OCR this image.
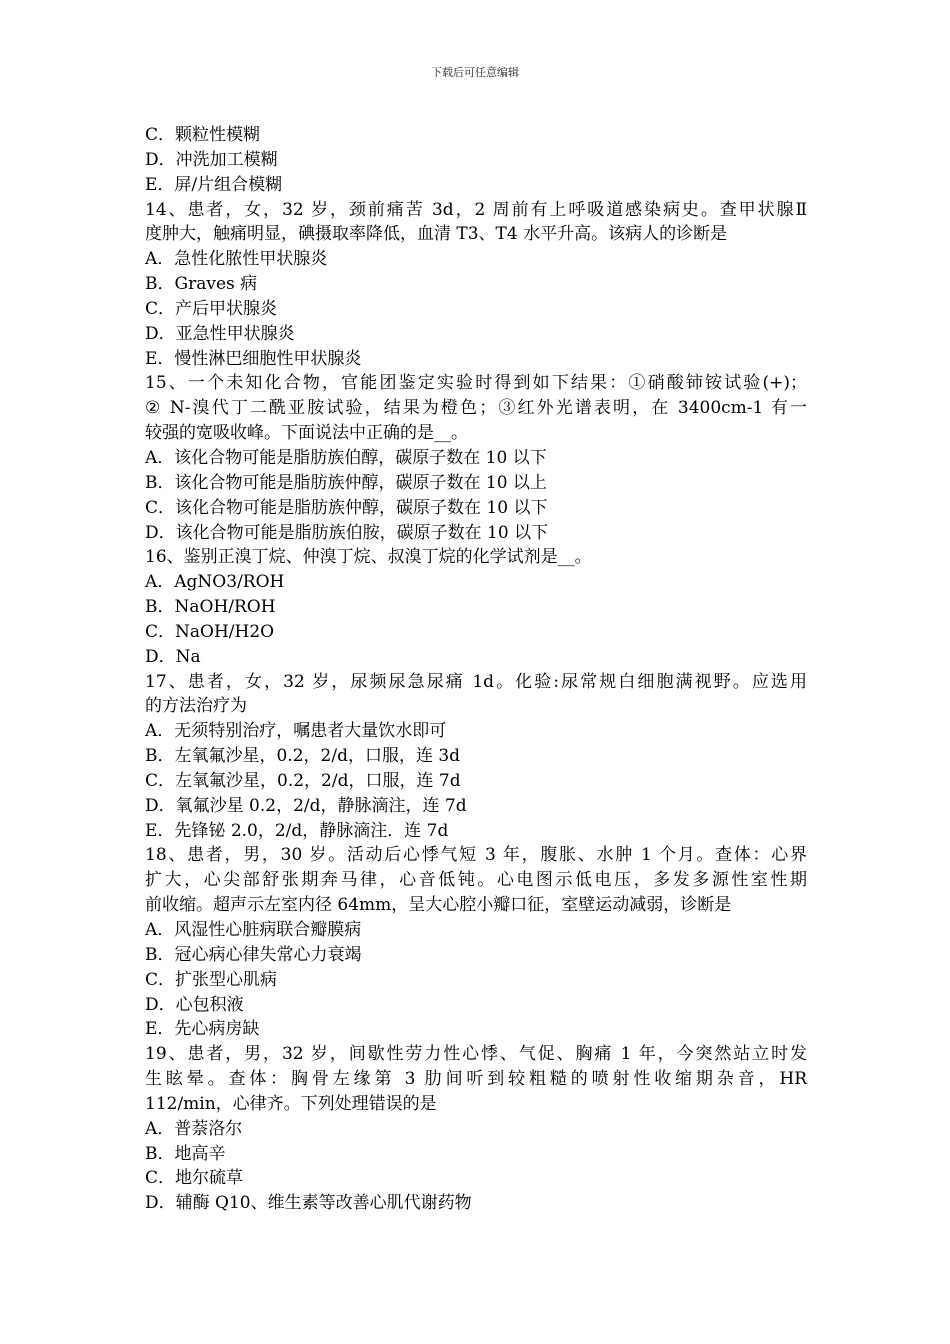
下载后可任意编辑
C．颗粒性模糊
D．冲洗加工模糊
E．屏/片组合模糊
14、患者，女，32 岁，颈前痛苦 3d，2 周前有上呼吸道感染病史。查甲状腺Ⅱ
度肿大，触痛明显，碘摄取率降低，血清 T3、T4 水平升高。该病人的诊断是
A．急性化脓性甲状腺炎
B．Graves 病
C．产后甲状腺炎
D．亚急性甲状腺炎
E．慢性淋巴细胞性甲状腺炎
15、一个未知化合物，官能团鉴定实验时得到如下结果：①硝酸铈铵试验(+)；
② N-溴代丁二酰亚胺试验，结果为橙色；③红外光谱表明，在 3400cm-1 有一
较强的宽吸收峰。下面说法中正确的是__。
A．该化合物可能是脂肪族伯醇，碳原子数在 10 以下
B．该化合物可能是脂肪族仲醇，碳原子数在 10 以上
C．该化合物可能是脂肪族仲醇，碳原子数在 10 以下
D．该化合物可能是脂肪族伯胺，碳原子数在 10 以下
16、鉴别正溴丁烷、仲溴丁烷、叔溴丁烷的化学试剂是__。
A．AgNO3/ROH
B．NaOH/ROH
C．NaOH/H2O
D．Na
17、患者，女，32 岁，尿频尿急尿痛 1d。化验:尿常规白细胞满视野。应选用
的方法治疗为
A．无须特别治疗，嘱患者大量饮水即可
B．左氧氟沙星，0.2，2/d，口服，连 3d
C．左氧氟沙星，0.2，2/d，口服，连 7d
D．氧氟沙星 0.2，2/d，静脉滴注，连 7d
E．先锋铋 2.0，2/d，静脉滴注．连 7d
18、患者，男，30 岁。活动后心悸气短 3 年，腹胀、水肿 1 个月。查体：心界
扩大，心尖部舒张期奔马律，心音低钝。心电图示低电压，多发多源性室性期
前收缩。超声示左室内径 64mm，呈大心腔小瓣口征，室壁运动减弱，诊断是
A．风湿性心脏病联合瓣膜病
B．冠心病心律失常心力衰竭
C．扩张型心肌病
D．心包积液
E．先心病房缺
19、患者，男，32 岁，间歇性劳力性心悸、气促、胸痛 1 年，今突然站立时发
生眩晕。查体：胸骨左缘第 3 肋间听到较粗糙的喷射性收缩期杂音，HR
112/min，心律齐。下列处理错误的是
A．普萘洛尔
B．地高辛
C．地尔硫草
D．辅酶 Q10、维生素等改善心肌代谢药物
